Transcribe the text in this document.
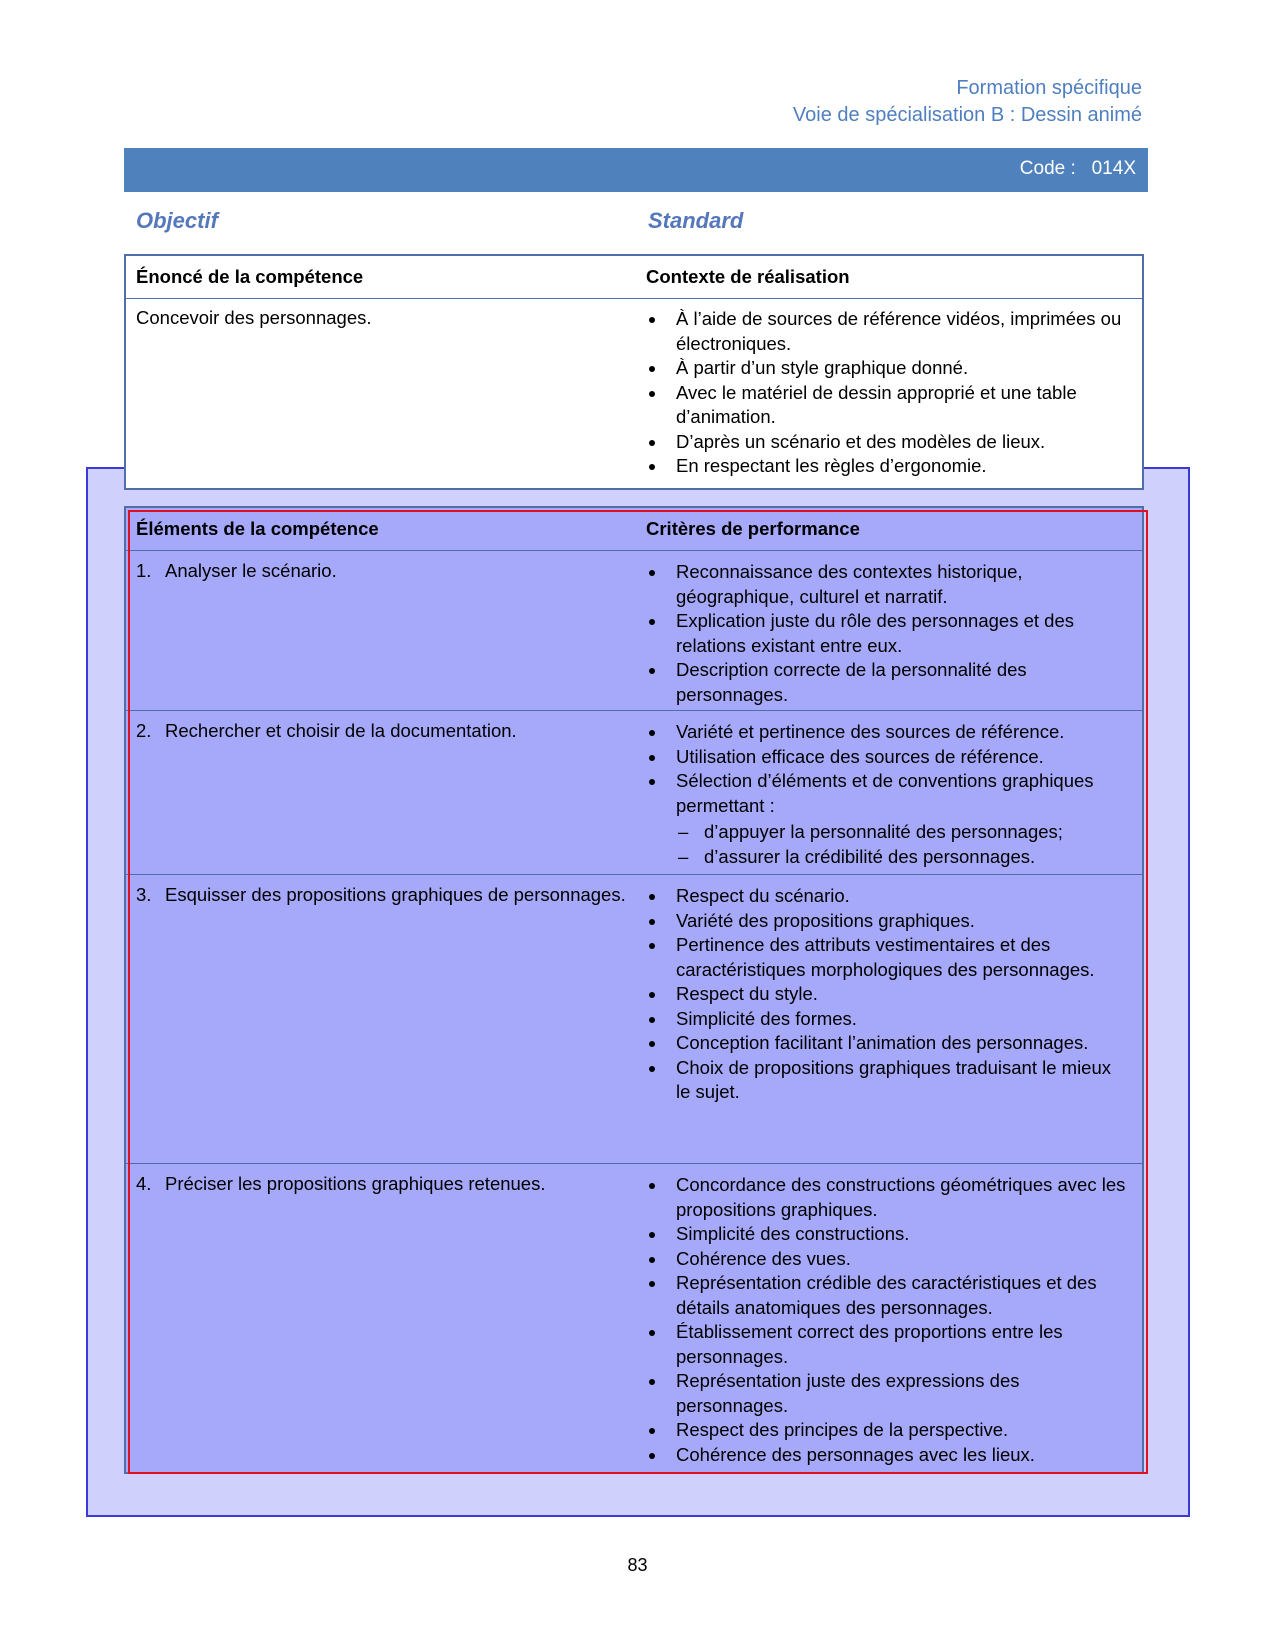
Formation spécifique
Voie de spécialisation B : Dessin animé
Code :   014X
Objectif	Standard
Énoncé de la compétence	Contexte de réalisation
Concevoir des personnages.	À l’aide de sources de référence vidéos, imprimées ou électroniques.
À partir d’un style graphique donné.
Avec le matériel de dessin approprié et une table d’animation.
D’après un scénario et des modèles de lieux.
En respectant les règles d’ergonomie.
Éléments de la compétence	Critères de performance
1. Analyser le scénario.	Reconnaissance des contextes historique, géographique, culturel et narratif.
Explication juste du rôle des personnages et des relations existant entre eux.
Description correcte de la personnalité des personnages.
2. Rechercher et choisir de la documentation.	Variété et pertinence des sources de référence.
Utilisation efficace des sources de référence.
Sélection d’éléments et de conventions graphiques permettant :
– d’appuyer la personnalité des personnages;
– d’assurer la crédibilité des personnages.
3. Esquisser des propositions graphiques de personnages.	Respect du scénario.
Variété des propositions graphiques.
Pertinence des attributs vestimentaires et des caractéristiques morphologiques des personnages.
Respect du style.
Simplicité des formes.
Conception facilitant l’animation des personnages.
Choix de propositions graphiques traduisant le mieux le sujet.
4. Préciser les propositions graphiques retenues.	Concordance des constructions géométriques avec les propositions graphiques.
Simplicité des constructions.
Cohérence des vues.
Représentation crédible des caractéristiques et des détails anatomiques des personnages.
Établissement correct des proportions entre les personnages.
Représentation juste des expressions des personnages.
Respect des principes de la perspective.
Cohérence des personnages avec les lieux.
83
